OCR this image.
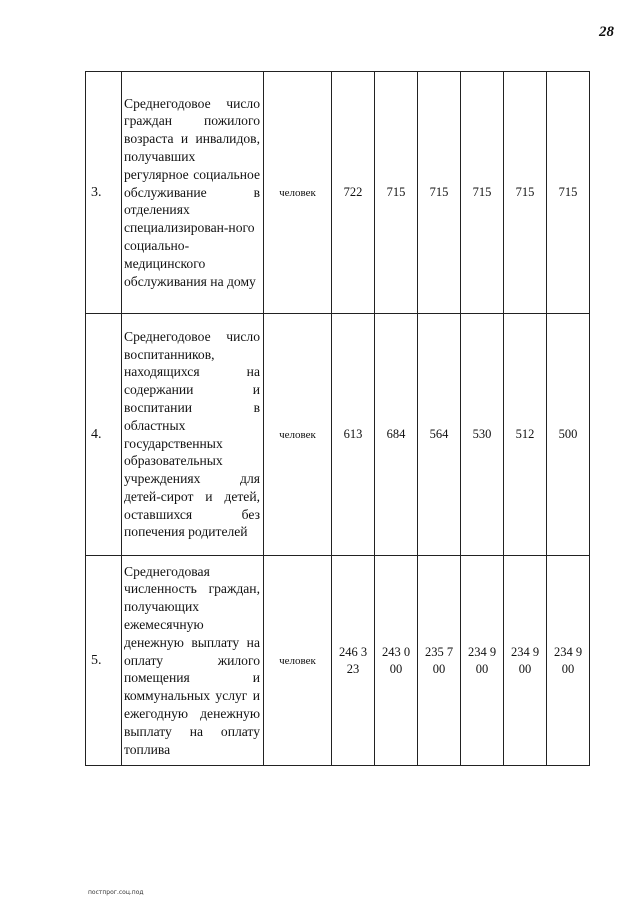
28
3.	Среднегодовое число граждан пожилого возраста и инвалидов, получавших регулярное социальное обслуживание в отделениях специализирован-ного социально-медицинского обслуживания на дому	человек	722	715	715	715	715	715
4.	Среднегодовое число воспитанников, находящихся на содержании и воспитании в областных государственных образовательных учреждениях для детей-сирот и детей, оставшихся без попечения родителей	человек	613	684	564	530	512	500
5.	Среднегодовая численность граждан, получающих ежемесячную денежную выплату на оплату жилого помещения и коммунальных услуг и ежегодную денежную выплату на оплату топлива	человек	246 323	243 000	235 700	234 900	234 900	234 900
постпрог.соц.под
